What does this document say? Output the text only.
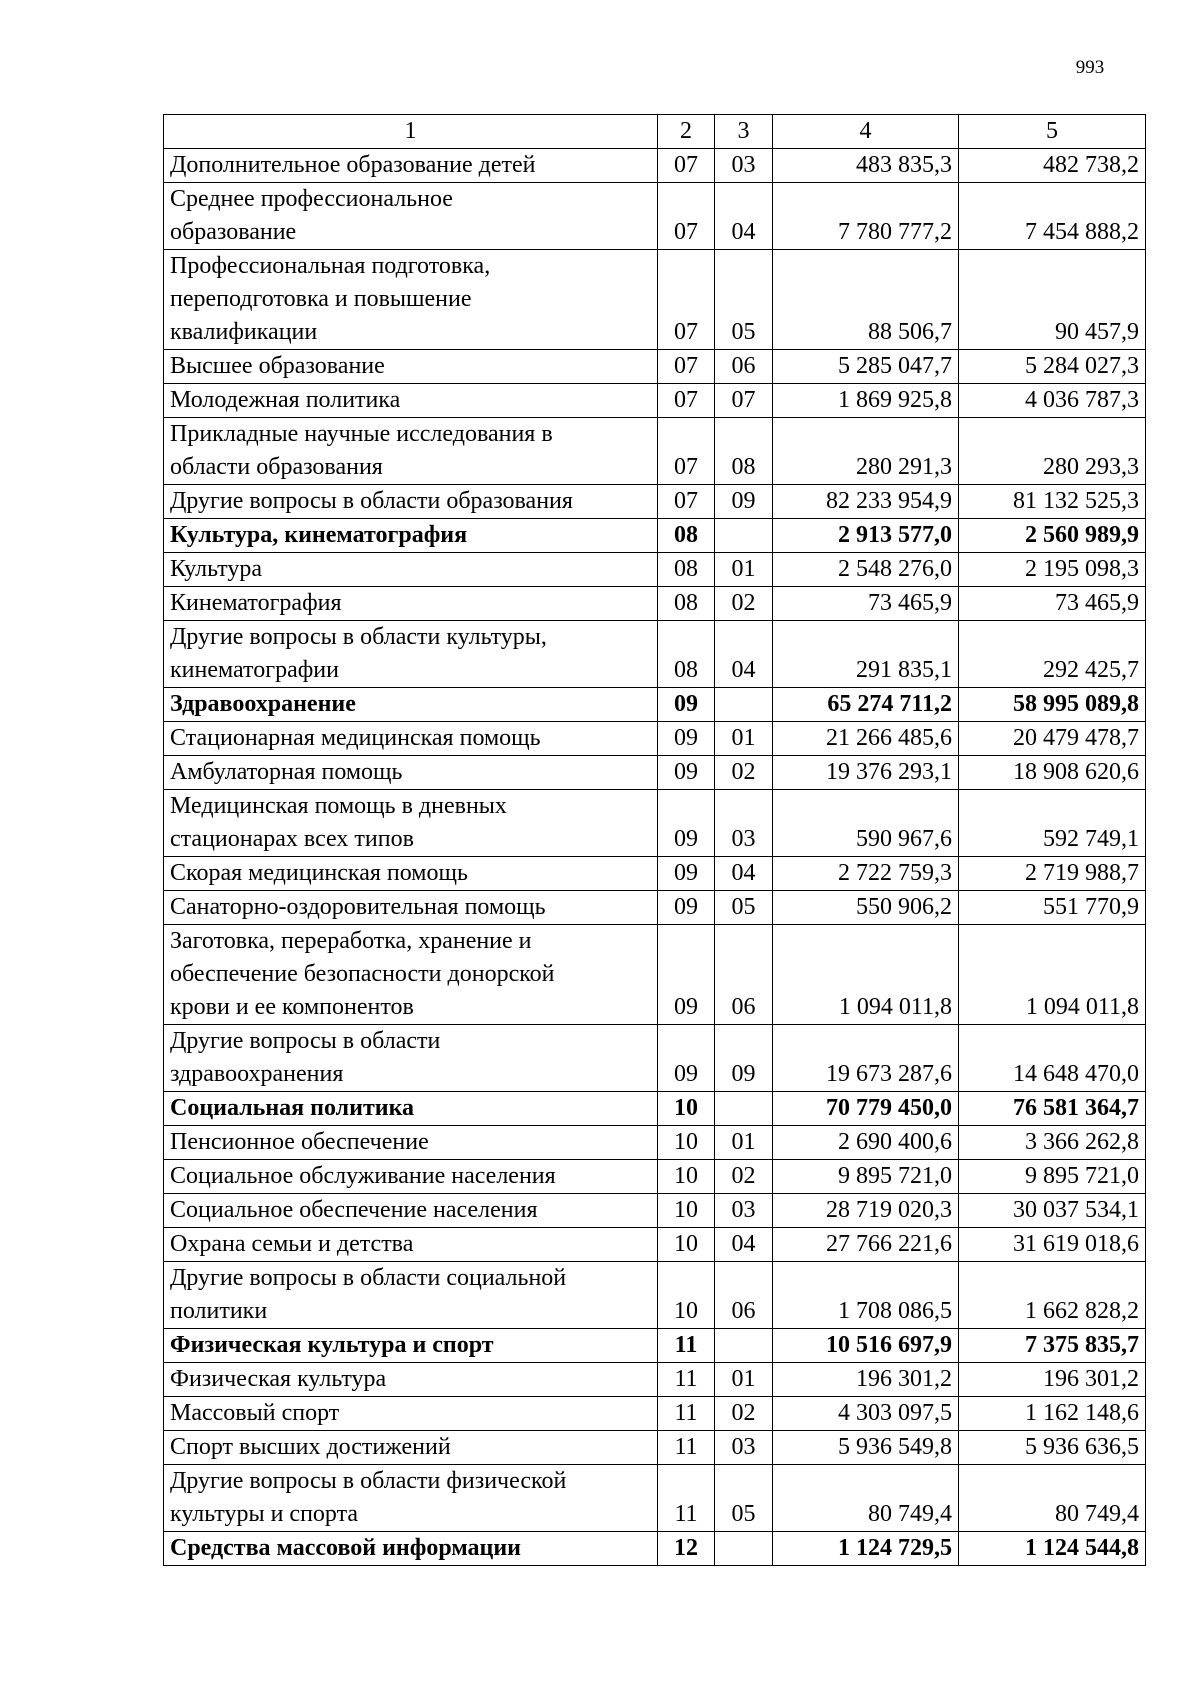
993
1	2	3	4	5
Дополнительное образование детей	07	03	483 835,3	482 738,2
Среднее профессиональное
образование	07	04	7 780 777,2	7 454 888,2
Профессиональная подготовка,
переподготовка и повышение
квалификации	07	05	88 506,7	90 457,9
Высшее образование	07	06	5 285 047,7	5 284 027,3
Молодежная политика	07	07	1 869 925,8	4 036 787,3
Прикладные научные исследования в
области образования	07	08	280 291,3	280 293,3
Другие вопросы в области образования	07	09	82 233 954,9	81 132 525,3
Культура, кинематография	08		2 913 577,0	2 560 989,9
Культура	08	01	2 548 276,0	2 195 098,3
Кинематография	08	02	73 465,9	73 465,9
Другие вопросы в области культуры,
кинематографии	08	04	291 835,1	292 425,7
Здравоохранение	09		65 274 711,2	58 995 089,8
Стационарная медицинская помощь	09	01	21 266 485,6	20 479 478,7
Амбулаторная помощь	09	02	19 376 293,1	18 908 620,6
Медицинская помощь в дневных
стационарах всех типов	09	03	590 967,6	592 749,1
Скорая медицинская помощь	09	04	2 722 759,3	2 719 988,7
Санаторно-оздоровительная помощь	09	05	550 906,2	551 770,9
Заготовка, переработка, хранение и
обеспечение безопасности донорской
крови и ее компонентов	09	06	1 094 011,8	1 094 011,8
Другие вопросы в области
здравоохранения	09	09	19 673 287,6	14 648 470,0
Социальная политика	10		70 779 450,0	76 581 364,7
Пенсионное обеспечение	10	01	2 690 400,6	3 366 262,8
Социальное обслуживание населения	10	02	9 895 721,0	9 895 721,0
Социальное обеспечение населения	10	03	28 719 020,3	30 037 534,1
Охрана семьи и детства	10	04	27 766 221,6	31 619 018,6
Другие вопросы в области социальной
политики	10	06	1 708 086,5	1 662 828,2
Физическая культура и спорт	11		10 516 697,9	7 375 835,7
Физическая культура	11	01	196 301,2	196 301,2
Массовый спорт	11	02	4 303 097,5	1 162 148,6
Спорт высших достижений	11	03	5 936 549,8	5 936 636,5
Другие вопросы в области физической
культуры и спорта	11	05	80 749,4	80 749,4
Средства массовой информации	12		1 124 729,5	1 124 544,8
